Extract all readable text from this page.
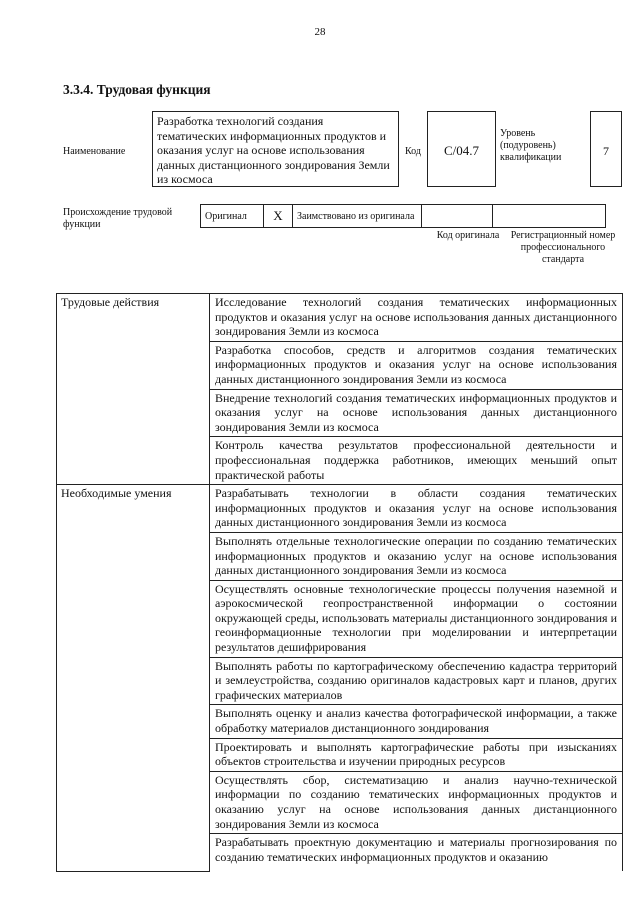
28
3.3.4. Трудовая функция
Наименование
Разработка технологий создания тематических информационных продуктов и оказания услуг на основе использования данных дистанционного зондирования Земли из космоса
Код	С/04.7
Уровень (подуровень) квалификации	7
Происхождение трудовой функции
Оригинал	Х	Заимствовано из оригинала		
Код оригинала	Регистрационный номер профессионального стандарта
Трудовые действия	Исследование технологий создания тематических информационных продуктов и оказания услуг на основе использования данных дистанционного зондирования Земли из космоса
	Разработка способов, средств и алгоритмов создания тематических информационных продуктов и оказания услуг на основе использования данных дистанционного зондирования Земли из космоса
	Внедрение технологий создания тематических информационных продуктов и оказания услуг на основе использования данных дистанционного зондирования Земли из космоса
	Контроль качества результатов профессиональной деятельности и профессиональная поддержка работников, имеющих меньший опыт практической работы
Необходимые умения	Разрабатывать технологии в области создания тематических информационных продуктов и оказания услуг на основе использования данных дистанционного зондирования Земли из космоса
	Выполнять отдельные технологические операции по созданию тематических информационных продуктов и оказанию услуг на основе использования данных дистанционного зондирования Земли из космоса
	Осуществлять основные технологические процессы получения наземной и аэрокосмической геопространственной информации о состоянии окружающей среды, использовать материалы дистанционного зондирования и геоинформационные технологии при моделировании и интерпретации результатов дешифрирования
	Выполнять работы по картографическому обеспечению кадастра территорий и землеустройства, созданию оригиналов кадастровых карт и планов, других графических материалов
	Выполнять оценку и анализ качества фотографической информации, а также обработку материалов дистанционного зондирования
	Проектировать и выполнять картографические работы при изысканиях объектов строительства и изучении природных ресурсов
	Осуществлять сбор, систематизацию и анализ научно-технической информации по созданию тематических информационных продуктов и оказанию услуг на основе использования данных дистанционного зондирования Земли из космоса
	Разрабатывать проектную документацию и материалы прогнозирования по созданию тематических информационных продуктов и оказанию
